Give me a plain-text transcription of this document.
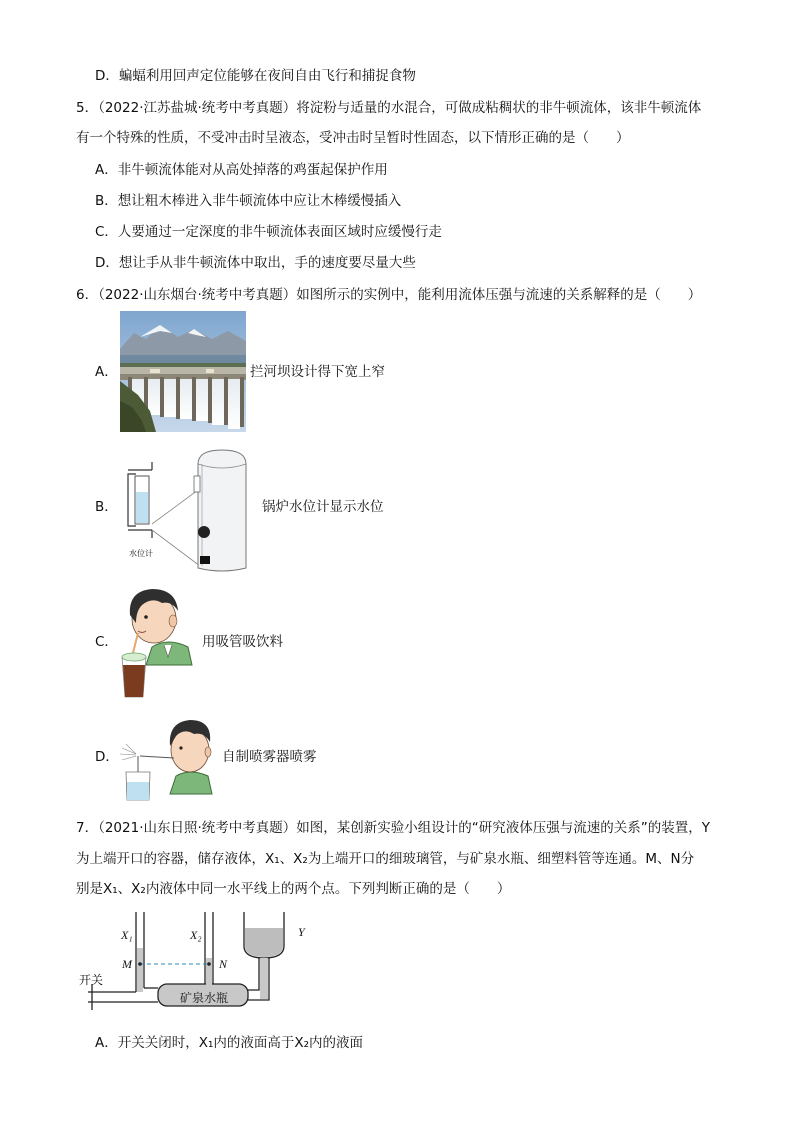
D．蝙蝠利用回声定位能够在夜间自由飞行和捕捉食物
5．（2022·江苏盐城·统考中考真题）将淀粉与适量的水混合，可做成粘稠状的非牛顿流体，该非牛顿流体
有一个特殊的性质，不受冲击时呈液态，受冲击时呈暂时性固态，以下情形正确的是（　　）
A．非牛顿流体能对从高处掉落的鸡蛋起保护作用
B．想让粗木棒进入非牛顿流体中应让木棒缓慢插入
C．人要通过一定深度的非牛顿流体表面区域时应缓慢行走
D．想让手从非牛顿流体中取出，手的速度要尽量大些
6．（2022·山东烟台·统考中考真题）如图所示的实例中，能利用流体压强与流速的关系解释的是（　　）
A．	拦河坝设计得下宽上窄
B．
水位计
锅炉水位计显示水位
C．	用吸管吸饮料
D．	自制喷雾器喷雾
7．（2021·山东日照·统考中考真题）如图，某创新实验小组设计的“研究液体压强与流速的关系”的装置，Y
为上端开口的容器，储存液体，X₁、X₂为上端开口的细玻璃管，与矿泉水瓶、细塑料管等连通。M、N分
别是X₁、X₂内液体中同一水平线上的两个点。下列判断正确的是（　　）
X₁	X₂	Y
M	N
开关
矿泉水瓶
A．开关关闭时，X₁内的液面高于X₂内的液面
